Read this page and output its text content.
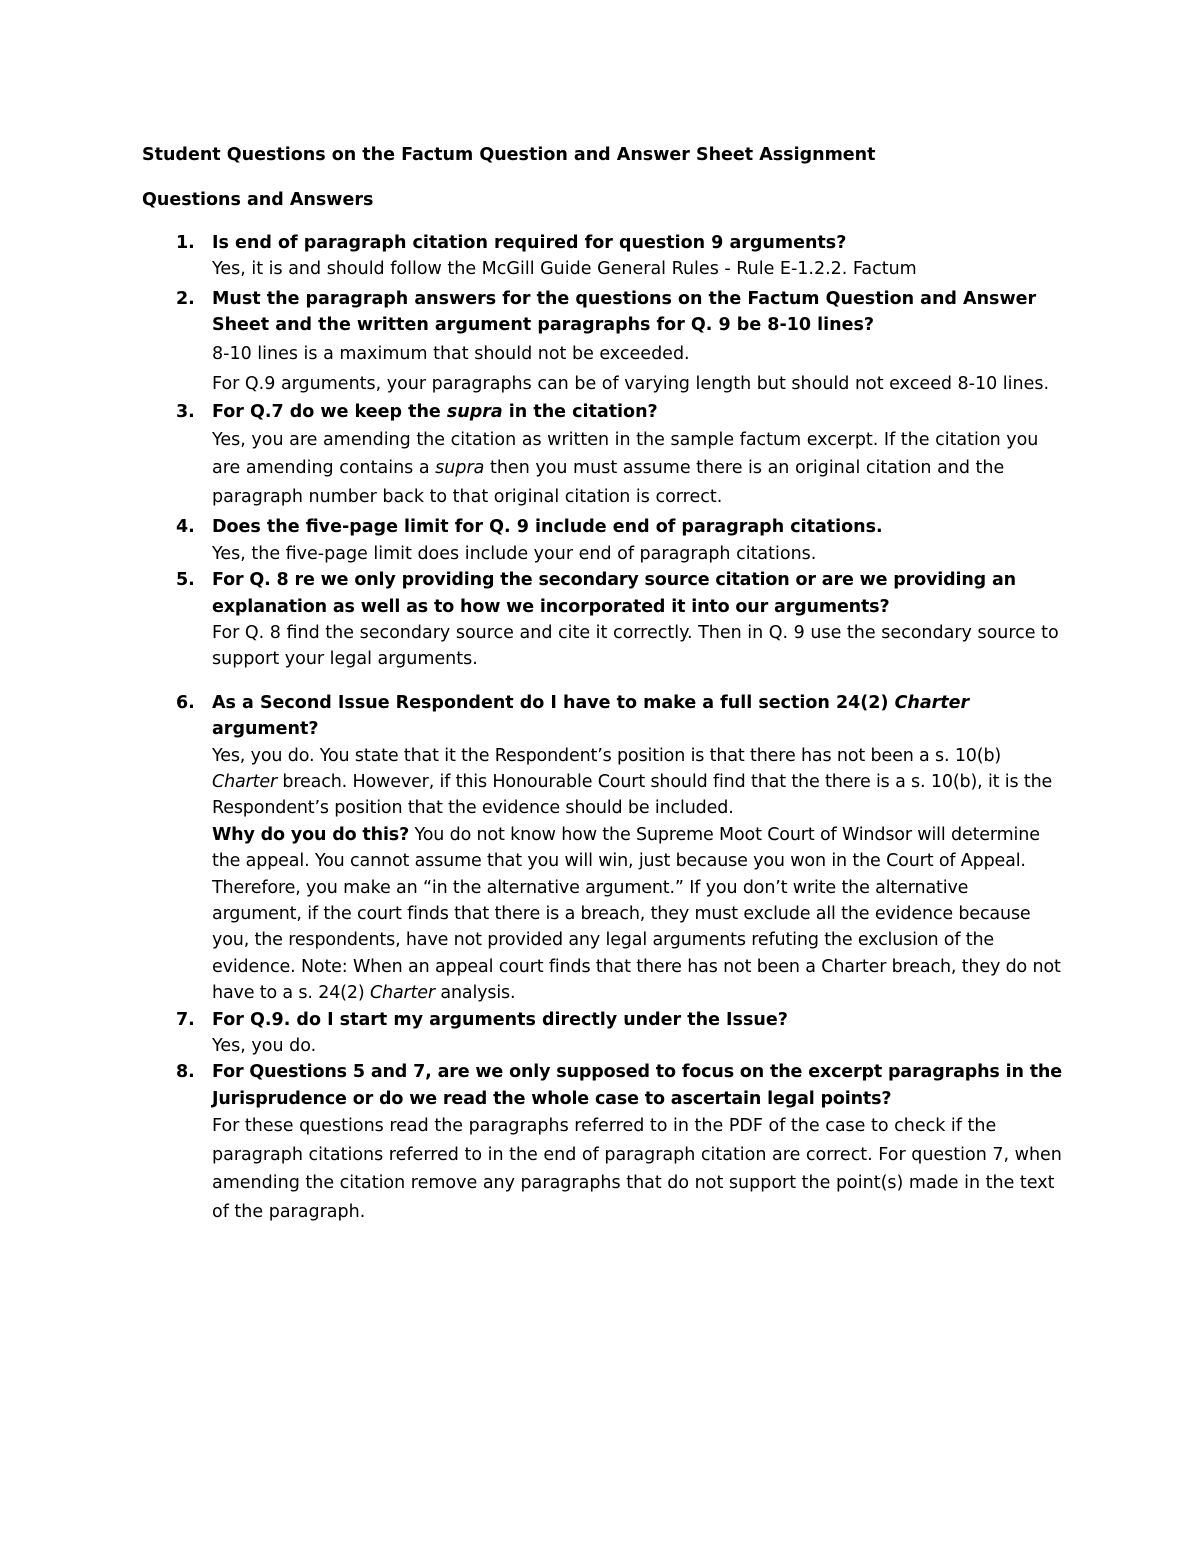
Student Questions on the Factum Question and Answer Sheet Assignment
Questions and Answers
1. Is end of paragraph citation required for question 9 arguments?
Yes, it is and should follow the McGill Guide General Rules - Rule E-1.2.2. Factum
2. Must the paragraph answers for the questions on the Factum Question and Answer Sheet and the written argument paragraphs for Q. 9 be 8-10 lines?
8-10 lines is a maximum that should not be exceeded.
For Q.9 arguments, your paragraphs can be of varying length but should not exceed 8-10 lines.
3. For Q.7 do we keep the supra in the citation?
Yes, you are amending the citation as written in the sample factum excerpt. If the citation you are amending contains a supra then you must assume there is an original citation and the paragraph number back to that original citation is correct.
4. Does the five-page limit for Q. 9 include end of paragraph citations.
Yes, the five-page limit does include your end of paragraph citations.
5. For Q. 8 re we only providing the secondary source citation or are we providing an explanation as well as to how we incorporated it into our arguments?
For Q. 8 find the secondary source and cite it correctly. Then in Q. 9 use the secondary source to support your legal arguments.
6. As a Second Issue Respondent do I have to make a full section 24(2) Charter argument?
Yes, you do. You state that it the Respondent’s position is that there has not been a s. 10(b) Charter breach. However, if this Honourable Court should find that the there is a s. 10(b), it is the Respondent’s position that the evidence should be included.
Why do you do this? You do not know how the Supreme Moot Court of Windsor will determine the appeal. You cannot assume that you will win, just because you won in the Court of Appeal. Therefore, you make an “in the alternative argument.” If you don’t write the alternative argument, if the court finds that there is a breach, they must exclude all the evidence because you, the respondents, have not provided any legal arguments refuting the exclusion of the evidence. Note: When an appeal court finds that there has not been a Charter breach, they do not have to a s. 24(2) Charter analysis.
7. For Q.9. do I start my arguments directly under the Issue?
Yes, you do.
8. For Questions 5 and 7, are we only supposed to focus on the excerpt paragraphs in the Jurisprudence or do we read the whole case to ascertain legal points?
For these questions read the paragraphs referred to in the PDF of the case to check if the paragraph citations referred to in the end of paragraph citation are correct. For question 7, when amending the citation remove any paragraphs that do not support the point(s) made in the text of the paragraph.
